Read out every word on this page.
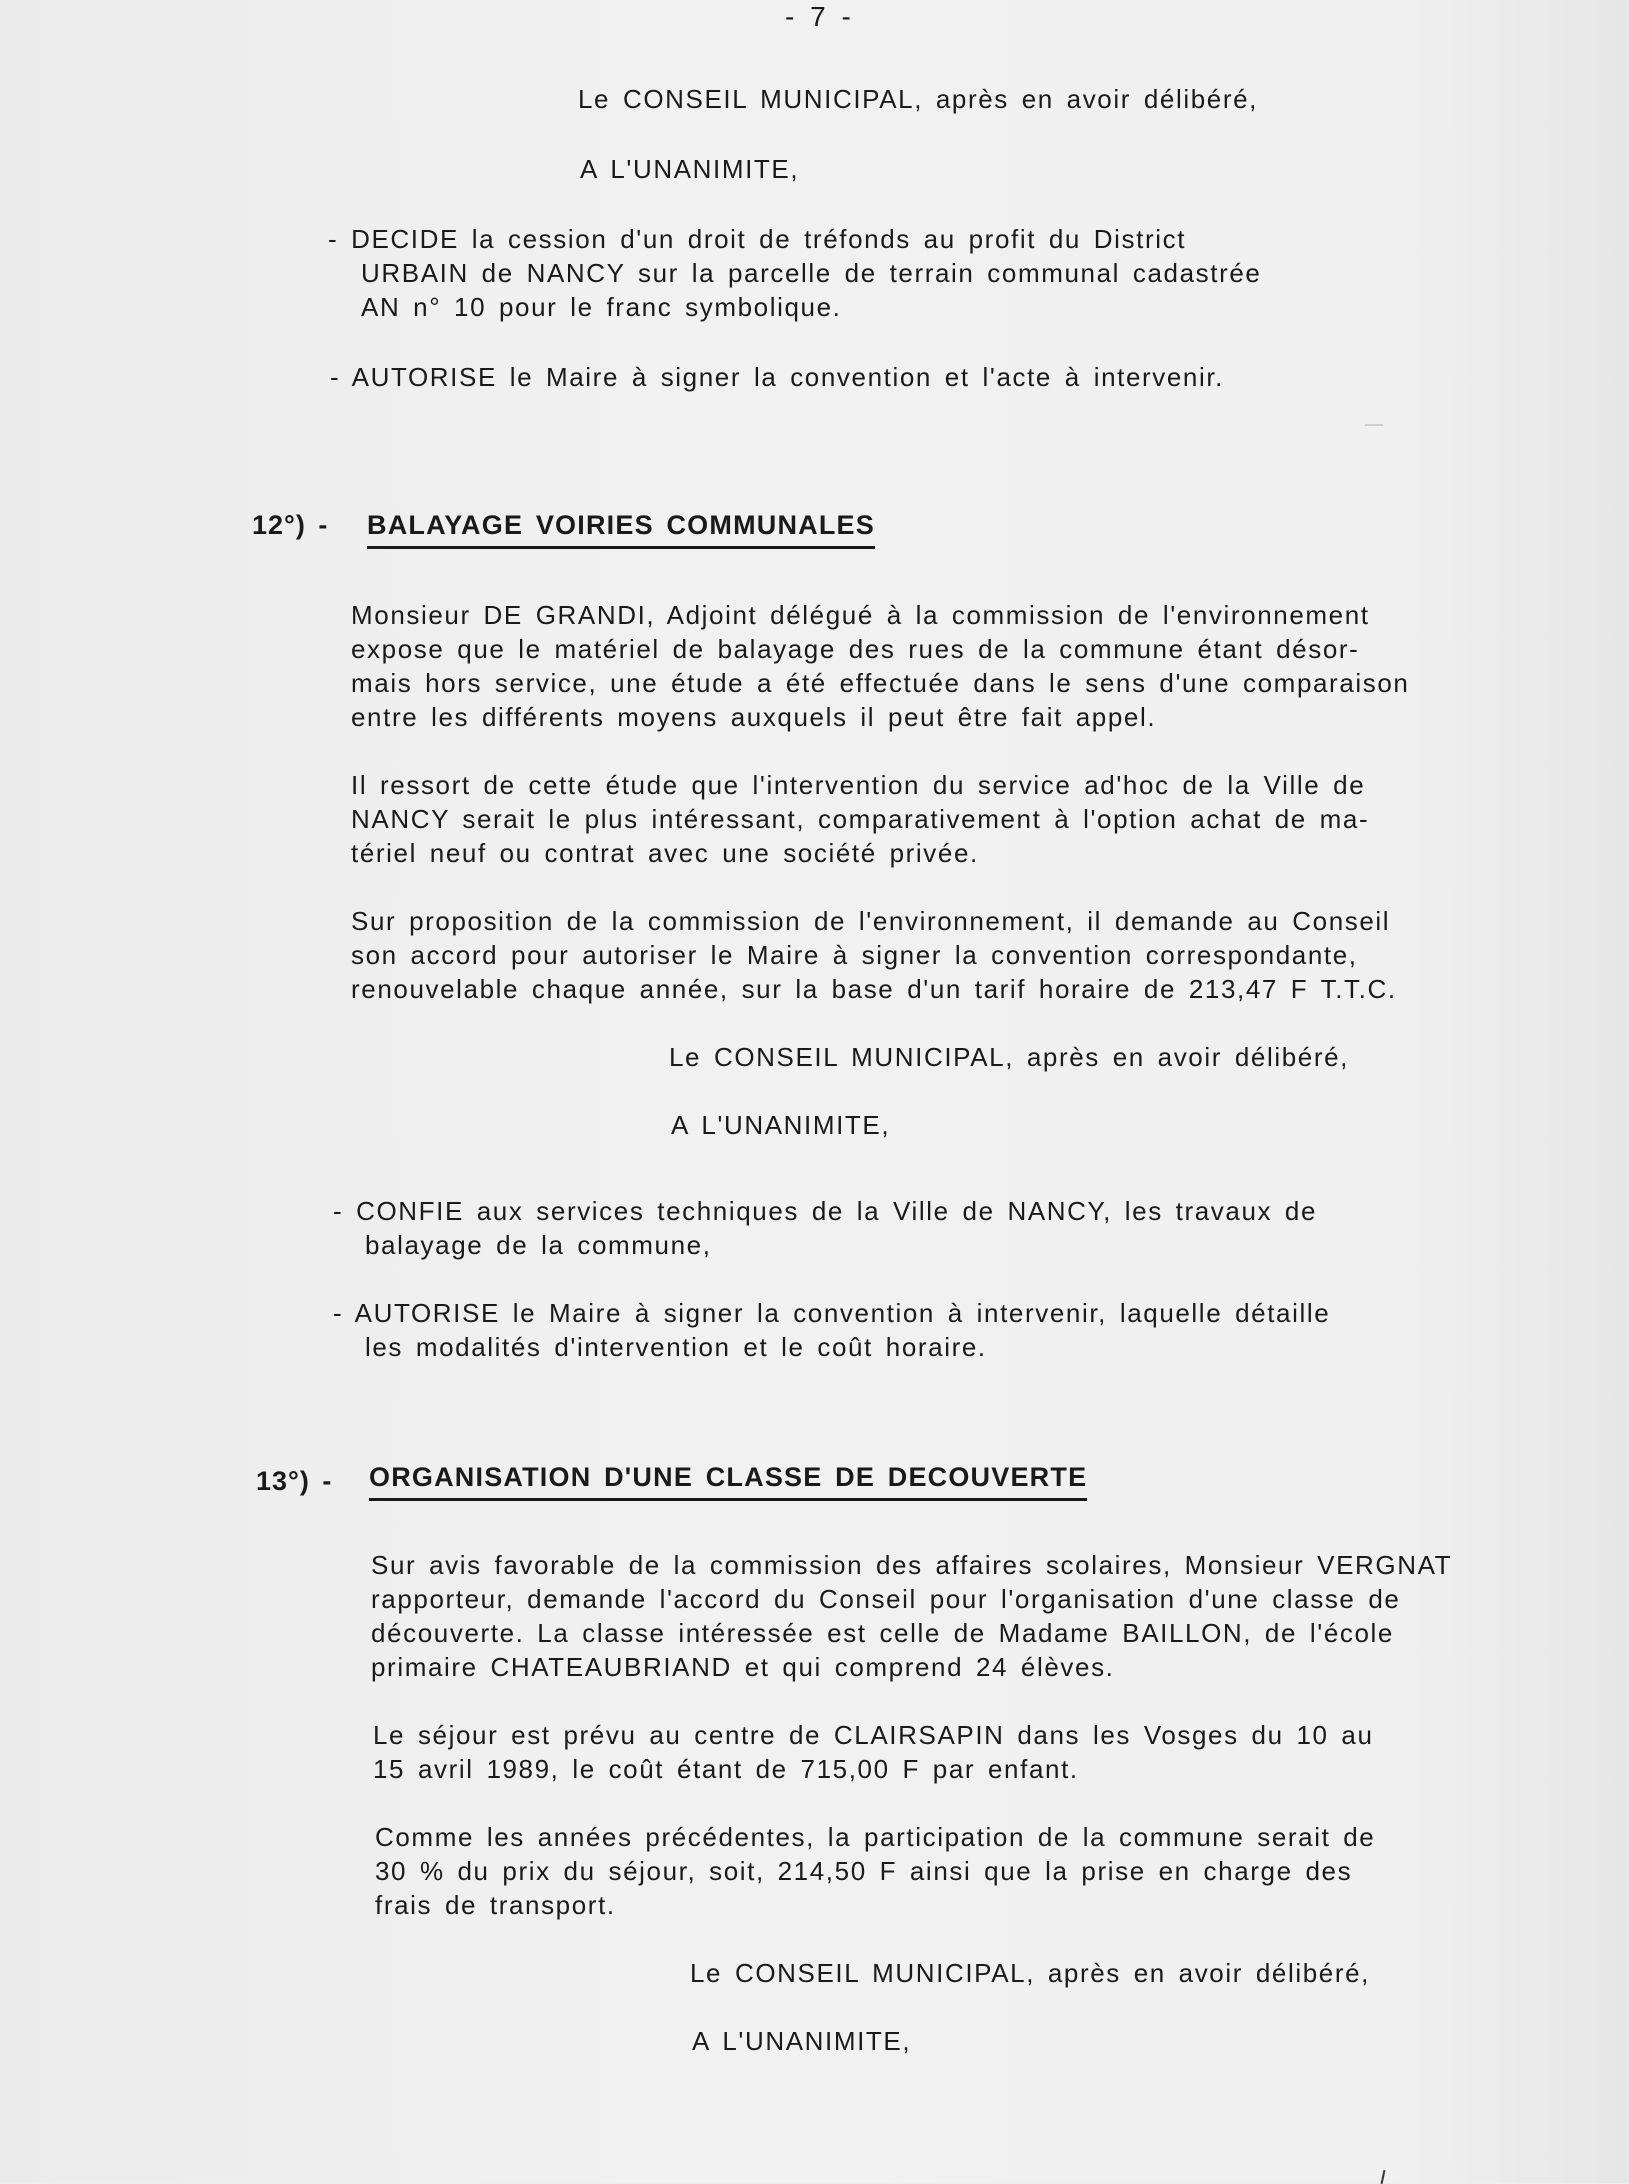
- 7 -
Le CONSEIL MUNICIPAL, après en avoir délibéré,
A L'UNANIMITE,
- DECIDE la cession d'un droit de tréfonds au profit du District
URBAIN de NANCY sur la parcelle de terrain communal cadastrée
AN n° 10 pour le franc symbolique.
- AUTORISE le Maire à signer la convention et l'acte à intervenir.
12°) - BALAYAGE VOIRIES COMMUNALES
Monsieur DE GRANDI, Adjoint délégué à la commission de l'environnement
expose que le matériel de balayage des rues de la commune étant désor-
mais hors service, une étude a été effectuée dans le sens d'une comparaison
entre les différents moyens auxquels il peut être fait appel.
Il ressort de cette étude que l'intervention du service ad'hoc de la Ville de
NANCY serait le plus intéressant, comparativement à l'option achat de ma-
tériel neuf ou contrat avec une société privée.
Sur proposition de la commission de l'environnement, il demande au Conseil
son accord pour autoriser le Maire à signer la convention correspondante,
renouvelable chaque année, sur la base d'un tarif horaire de 213,47 F T.T.C.
Le CONSEIL MUNICIPAL, après en avoir délibéré,
A L'UNANIMITE,
- CONFIE aux services techniques de la Ville de NANCY, les travaux de
balayage de la commune,
- AUTORISE le Maire à signer la convention à intervenir, laquelle détaille
les modalités d'intervention et le coût horaire.
13°) - ORGANISATION D'UNE CLASSE DE DECOUVERTE
Sur avis favorable de la commission des affaires scolaires, Monsieur VERGNAT
rapporteur, demande l'accord du Conseil pour l'organisation d'une classe de
découverte. La classe intéressée est celle de Madame BAILLON, de l'école
primaire CHATEAUBRIAND et qui comprend 24 élèves.
Le séjour est prévu au centre de CLAIRSAPIN dans les Vosges du 10 au
15 avril 1989, le coût étant de 715,00 F par enfant.
Comme les années précédentes, la participation de la commune serait de
30 % du prix du séjour, soit, 214,50 F ainsi que la prise en charge des
frais de transport.
Le CONSEIL MUNICIPAL, après en avoir délibéré,
A L'UNANIMITE,
